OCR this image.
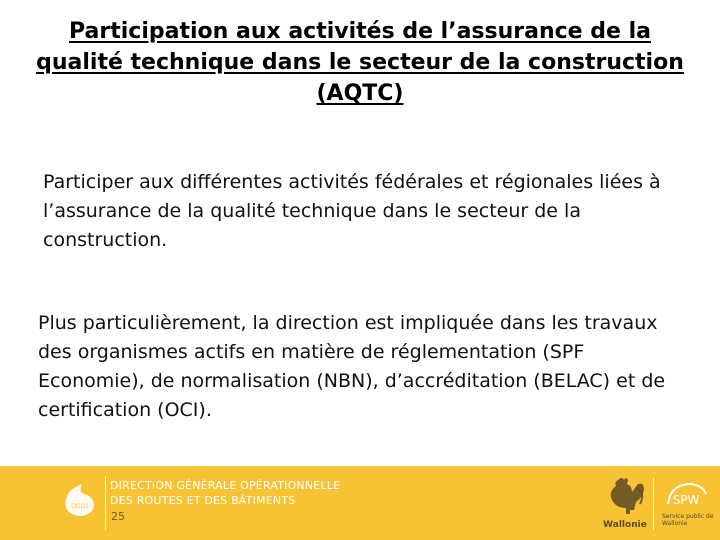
Participation aux activités de l’assurance de la qualité technique dans le secteur de la construction (AQTC)

Participer aux différentes activités fédérales et régionales liées à l’assurance de la qualité technique dans le secteur de la construction.

Plus particulièrement, la direction est impliquée dans les travaux des organismes actifs en matière de réglementation (SPF Economie), de normalisation (NBN), d’accréditation (BELAC) et de certification (OCI).

DGO1
DIRECTION GÉNÉRALE OPÉRATIONNELLE
DES ROUTES ET DES BÂTIMENTS
25
Wallonie
SPW
Service public de Wallonie
